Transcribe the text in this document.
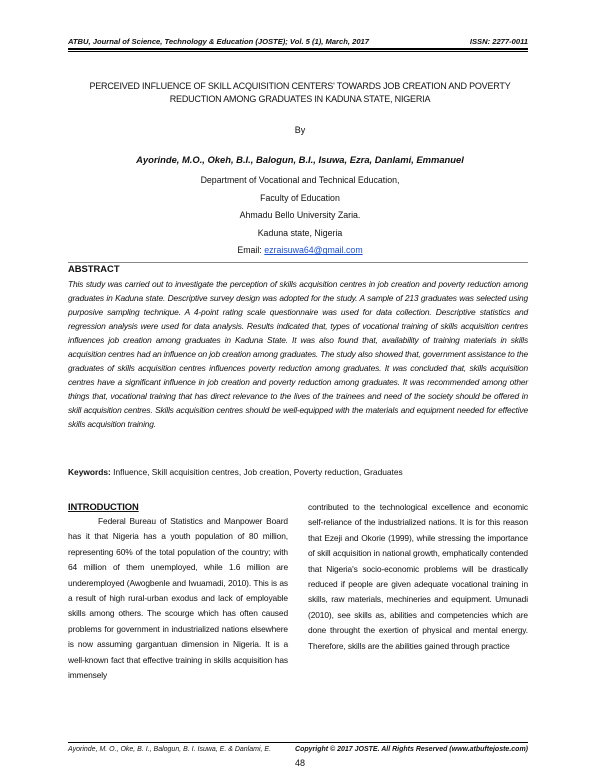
ATBU, Journal of Science, Technology & Education (JOSTE); Vol. 5 (1), March, 2017	ISSN: 2277-0011
PERCEIVED INFLUENCE OF SKILL ACQUISITION CENTERS' TOWARDS JOB CREATION AND POVERTY REDUCTION AMONG GRADUATES IN KADUNA STATE, NIGERIA
By
Ayorinde, M.O., Okeh, B.I., Balogun, B.I., Isuwa, Ezra, Danlami, Emmanuel
Department of Vocational and Technical Education,
Faculty of Education
Ahmadu Bello University Zaria.
Kaduna state, Nigeria
Email: ezraisuwa64@gmail.com
ABSTRACT
This study was carried out to investigate the perception of skills acquisition centres in job creation and poverty reduction among graduates in Kaduna state. Descriptive survey design was adopted for the study. A sample of 213 graduates was selected using purposive sampling technique. A 4-point rating scale questionnaire was used for data collection. Descriptive statistics and regression analysis were used for data analysis. Results indicated that, types of vocational training of skills acquisition centres influences job creation among graduates in Kaduna State. It was also found that, availability of training materials in skills acquisition centres had an influence on job creation among graduates. The study also showed that, government assistance to the graduates of skills acquisition centres influences poverty reduction among graduates. It was concluded that, skills acquisition centres have a significant influence in job creation and poverty reduction among graduates. It was recommended among other things that, vocational training that has direct relevance to the lives of the trainees and need of the society should be offered in skill acquisition centres. Skills acquisition centres should be well-equipped with the materials and equipment needed for effective skills acquisition training.
Keywords: Influence, Skill acquisition centres, Job creation, Poverty reduction, Graduates
INTRODUCTION
Federal Bureau of Statistics and Manpower Board has it that Nigeria has a youth population of 80 million, representing 60% of the total population of the country; with 64 million of them unemployed, while 1.6 million are underemployed (Awogbenle and Iwuamadi, 2010). This is as a result of high rural-urban exodus and lack of employable skills among others. The scourge which has often caused problems for government in industrialized nations elsewhere is now assuming gargantuan dimension in Nigeria. It is a well-known fact that effective training in skills acquisition has immensely
contributed to the technological excellence and economic self-reliance of the industrialized nations. It is for this reason that Ezeji and Okorie (1999), while stressing the importance of skill acquisition in national growth, emphatically contended that Nigeria's socio-economic problems will be drastically reduced if people are given adequate vocational training in skills, raw materials, mechineries and equipment. Umunadi (2010), see skills as, abilities and competencies which are done throught the exertion of physical and mental energy. Therefore, skills are the abilities gained through practice
Ayorinde, M. O., Oke, B. I., Balogun, B. I. Isuwa, E. & Danlami, E.	Copyright © 2017 JOSTE. All Rights Reserved (www.atbuftejoste.com)
48
